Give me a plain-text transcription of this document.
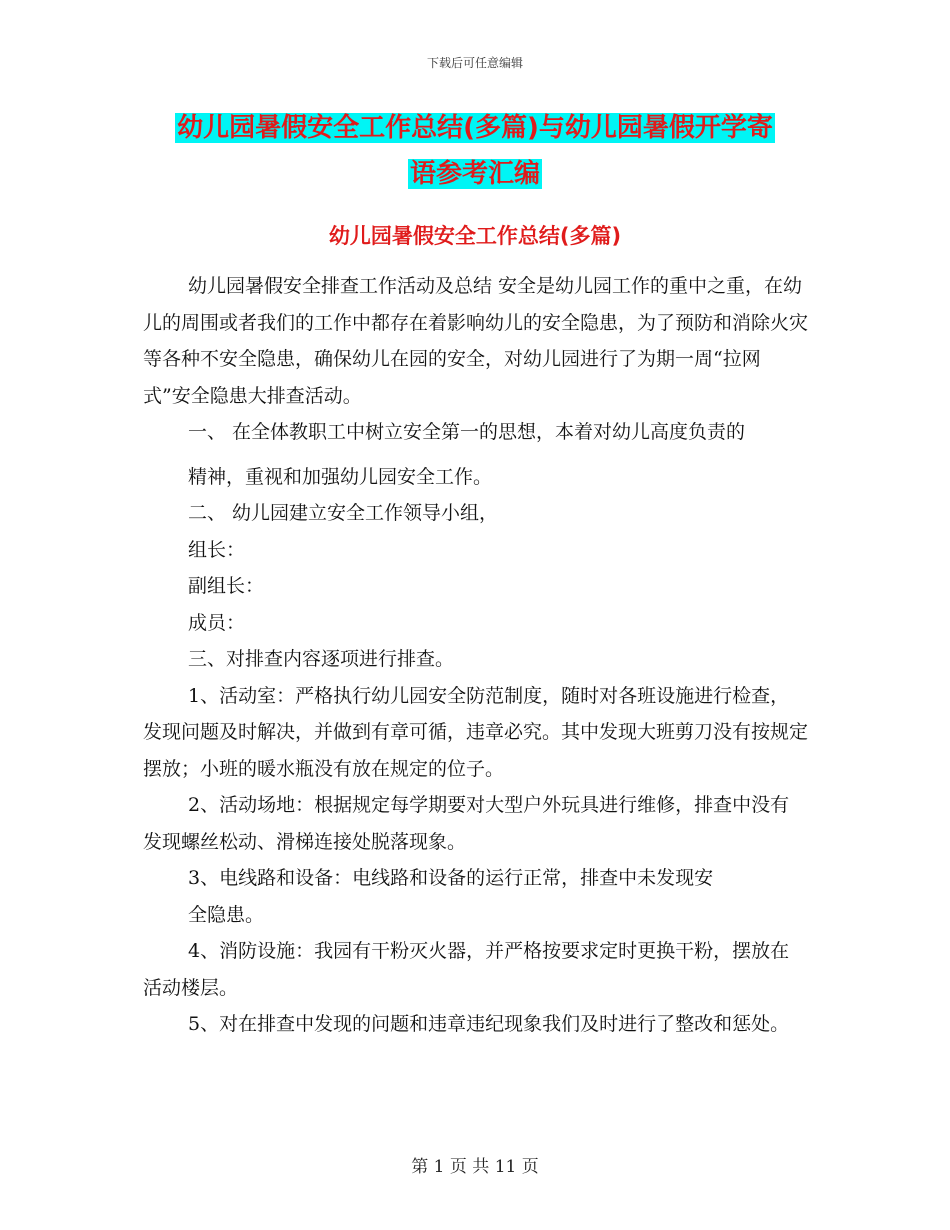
下载后可任意编辑
幼儿园暑假安全工作总结(多篇)与幼儿园暑假开学寄
语参考汇编
幼儿园暑假安全工作总结(多篇)

幼儿园暑假安全排查工作活动及总结 安全是幼儿园工作的重中之重，在幼儿的周围或者我们的工作中都存在着影响幼儿的安全隐患，为了预防和消除火灾等各种不安全隐患，确保幼儿在园的安全，对幼儿园进行了为期一周“拉网式”安全隐患大排查活动。

一、 在全体教职工中树立安全第一的思想，本着对幼儿高度负责的

精神，重视和加强幼儿园安全工作。

二、 幼儿园建立安全工作领导小组，

组长：

副组长：

成员：

三、对排查内容逐项进行排查。

1、活动室：严格执行幼儿园安全防范制度，随时对各班设施进行检查，发现问题及时解决，并做到有章可循，违章必究。其中发现大班剪刀没有按规定摆放；小班的暖水瓶没有放在规定的位子。

2、活动场地：根据规定每学期要对大型户外玩具进行维修，排查中没有发现螺丝松动、滑梯连接处脱落现象。

3、电线路和设备：电线路和设备的运行正常，排查中未发现安

全隐患。

4、消防设施：我园有干粉灭火器，并严格按要求定时更换干粉，摆放在活动楼层。

5、对在排查中发现的问题和违章违纪现象我们及时进行了整改和惩处。

第 1 页 共 11 页
